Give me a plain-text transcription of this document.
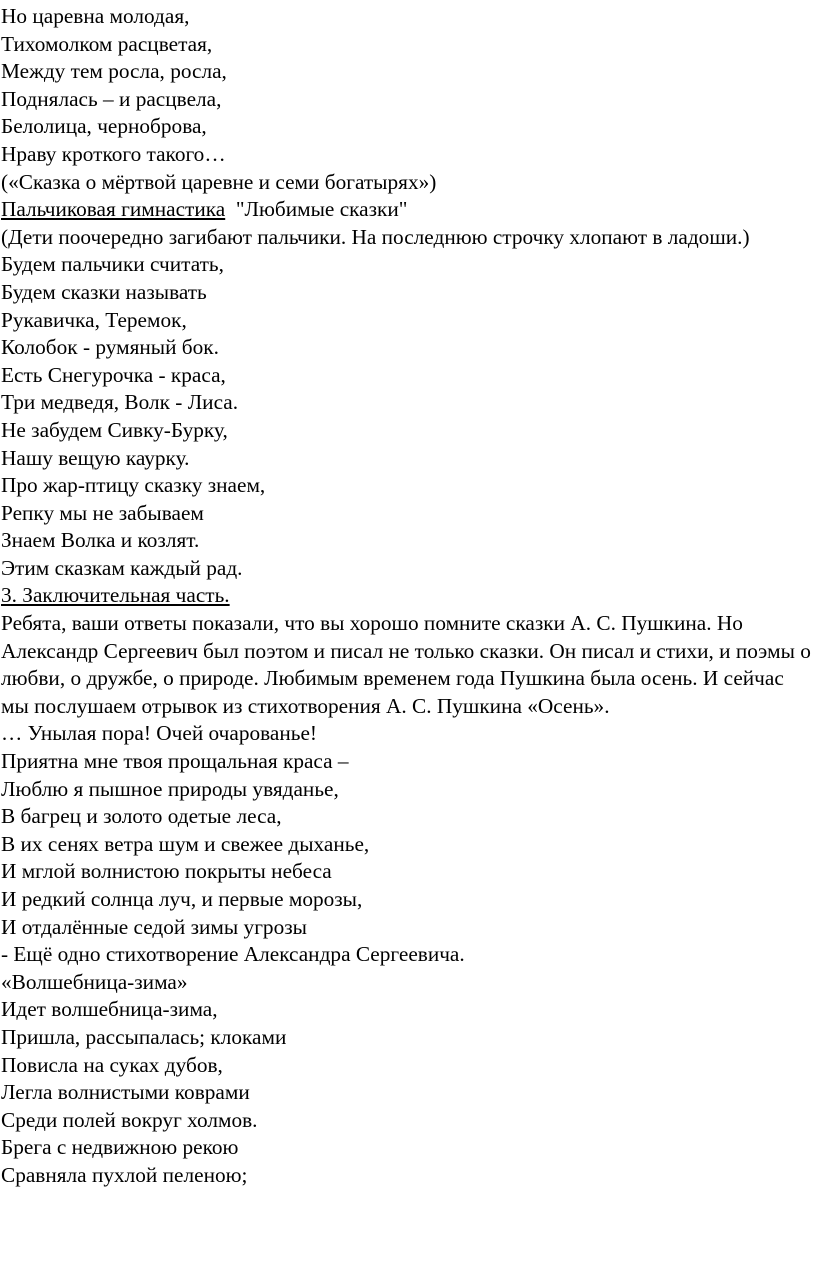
Но царевна молодая,
Тихомолком расцветая,
Между тем росла, росла,
Поднялась – и расцвела,
Белолица, черноброва,
Нраву кроткого такого…
(«Сказка о мёртвой царевне и семи богатырях»)
Пальчиковая гимнастика  "Любимые сказки"
(Дети поочередно загибают пальчики. На последнюю строчку хлопают в ладоши.)
Будем пальчики считать,
Будем сказки называть
Рукавичка, Теремок,
Колобок - румяный бок.
Есть Снегурочка - краса,
Три медведя, Волк - Лиса.
Не забудем Сивку-Бурку,
Нашу вещую каурку.
Про жар-птицу сказку знаем,
Репку мы не забываем
Знаем Волка и козлят.
Этим сказкам каждый рад.
3. Заключительная часть.
Ребята, ваши ответы показали, что вы хорошо помните сказки А. С. Пушкина. Но Александр Сергеевич был поэтом и писал не только сказки. Он писал и стихи, и поэмы о любви, о дружбе, о природе. Любимым временем года Пушкина была осень. И сейчас мы послушаем отрывок из стихотворения А. С. Пушкина «Осень».
… Унылая пора! Очей очарованье!
Приятна мне твоя прощальная краса –
Люблю я пышное природы увяданье,
В багрец и золото одетые леса,
В их сенях ветра шум и свежее дыханье,
И мглой волнистою покрыты небеса
И редкий солнца луч, и первые морозы,
И отдалённые седой зимы угрозы
- Ещё одно стихотворение Александра Сергеевича.
«Волшебница-зима»
Идет волшебница-зима,
Пришла, рассыпалась; клоками
Повисла на суках дубов,
Легла волнистыми коврами
Среди полей вокруг холмов.
Брега с недвижною рекою
Сравняла пухлой пеленою;
